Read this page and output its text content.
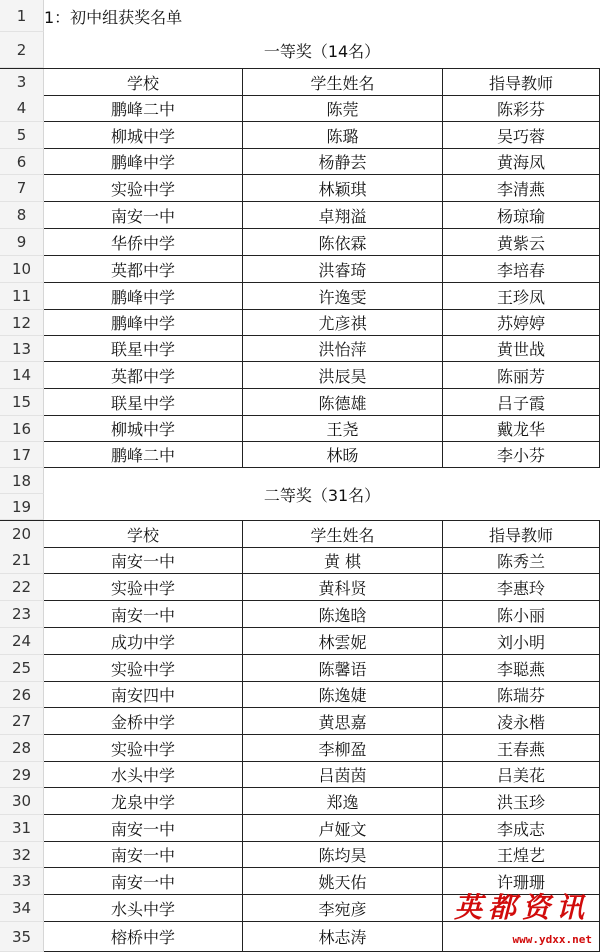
1	1：初中组获奖名单
2	一等奖（14名）
3	学校	学生姓名	指导教师
4	鹏峰二中	陈莞	陈彩芬
5	柳城中学	陈璐	吴巧蓉
6	鹏峰中学	杨静芸	黄海凤
7	实验中学	林颖琪	李清燕
8	南安一中	卓翔溢	杨琼瑜
9	华侨中学	陈依霖	黄紫云
10	英都中学	洪睿琦	李培春
11	鹏峰中学	许逸雯	王珍凤
12	鹏峰中学	尤彦祺	苏婷婷
13	联星中学	洪怡萍	黄世战
14	英都中学	洪辰昊	陈丽芳
15	联星中学	陈德雄	吕子霞
16	柳城中学	王尧	戴龙华
17	鹏峰二中	林旸	李小芬
18
二等奖（31名）
19
20	学校	学生姓名	指导教师
21	南安一中	黄 棋	陈秀兰
22	实验中学	黄科贤	李惠玲
23	南安一中	陈逸晗	陈小丽
24	成功中学	林雲妮	刘小明
25	实验中学	陈馨语	李聪燕
26	南安四中	陈逸婕	陈瑞芬
27	金桥中学	黄思嘉	凌永楷
28	实验中学	李柳盈	王春燕
29	水头中学	吕茵茵	吕美花
30	龙泉中学	郑逸	洪玉珍
31	南安一中	卢娅文	李成志
32	南安一中	陈均昊	王煌艺
33	南安一中	姚天佑	许珊珊
34	水头中学	李宛彦
35	榕桥中学	林志涛
英都资讯
www.ydxx.net
